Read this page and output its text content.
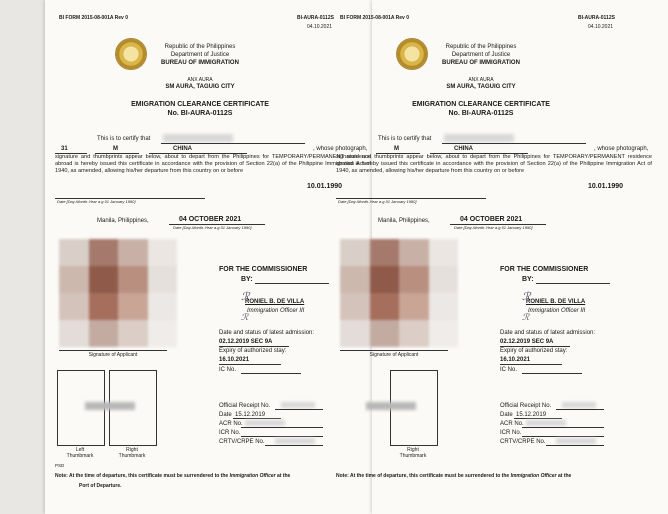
BI FORM 2015-08-001A Rev 0	BI-AURA-0112S
04.10.2021
Republic of the Philippines
Department of Justice
BUREAU OF IMMIGRATION
ANX AURA
SM AURA, TAGUIG CITY
EMIGRATION CLEARANCE CERTIFICATE
No. BI-AURA-0112S
This is to certify that
31	M	CHINA	, whose photograph,
signature and thumbprints appear below, about to depart from the Philippines for TEMPORARY/PERMANENT residence abroad is hereby issued this certificate in accordance with the provision of Section 22(a) of the Philippine Immigration Act of 1940, as amended, allowing his/her departure from this country on or before
10.01.1990
Date [Day-Month-Year a.g 01 January 1990]
Manila, Philippines,	04 OCTOBER 2021
Date [Day-Month-Year a.g 01 January 1990]
Signature of Applicant
Left
Thumbmark
Right
Thumbmark
PSD
FOR THE COMMISSIONER
BY:
ℛ
RONIEL B. DE VILLA
Immigration Officer III
ℛ
Date and status of latest admission:
02.12.2019 SEC 9A
Expiry of authorized stay:
16.10.2021
IC No.
Official Receipt No.
Date 15.12.2019
ACR No.
ICR No.
CRTV/CRPE No.
Note: At the time of departure, this certificate must be surrendered to the Immigration Officer at the
Port of Departure.
BI FORM 2015-08-001A Rev 0	BI-AURA-0112S
04.10.2021
Republic of the Philippines
Department of Justice
BUREAU OF IMMIGRATION
ANX AURA
SM AURA, TAGUIG CITY
EMIGRATION CLEARANCE CERTIFICATE
No. BI-AURA-0112S
This is to certify that
M	CHINA	, whose photograph,
signature and thumbprints appear below, about to depart from the Philippines for TEMPORARY/PERMANENT residence abroad is hereby issued this certificate in accordance with the provision of Section 22(a) of the Philippine Immigration Act of 1940, as amended, allowing his/her departure from this country on or before
10.01.1990
Date [Day-Month-Year a.g 01 January 1990]
Manila, Philippines,	04 OCTOBER 2021
Date [Day-Month-Year a.g 01 January 1990]
Signature of Applicant
Right
Thumbmark
FOR THE COMMISSIONER
BY:
ℛ
RONIEL B. DE VILLA
Immigration Officer III
ℛ
Date and status of latest admission:
02.12.2019 SEC 9A
Expiry of authorized stay:
16.10.2021
IC No.
Official Receipt No.
Date 15.12.2019
ACR No.
ICR No.
CRTV/CRPE No.
Note: At the time of departure, this certificate must be surrendered to the Immigration Officer at the
